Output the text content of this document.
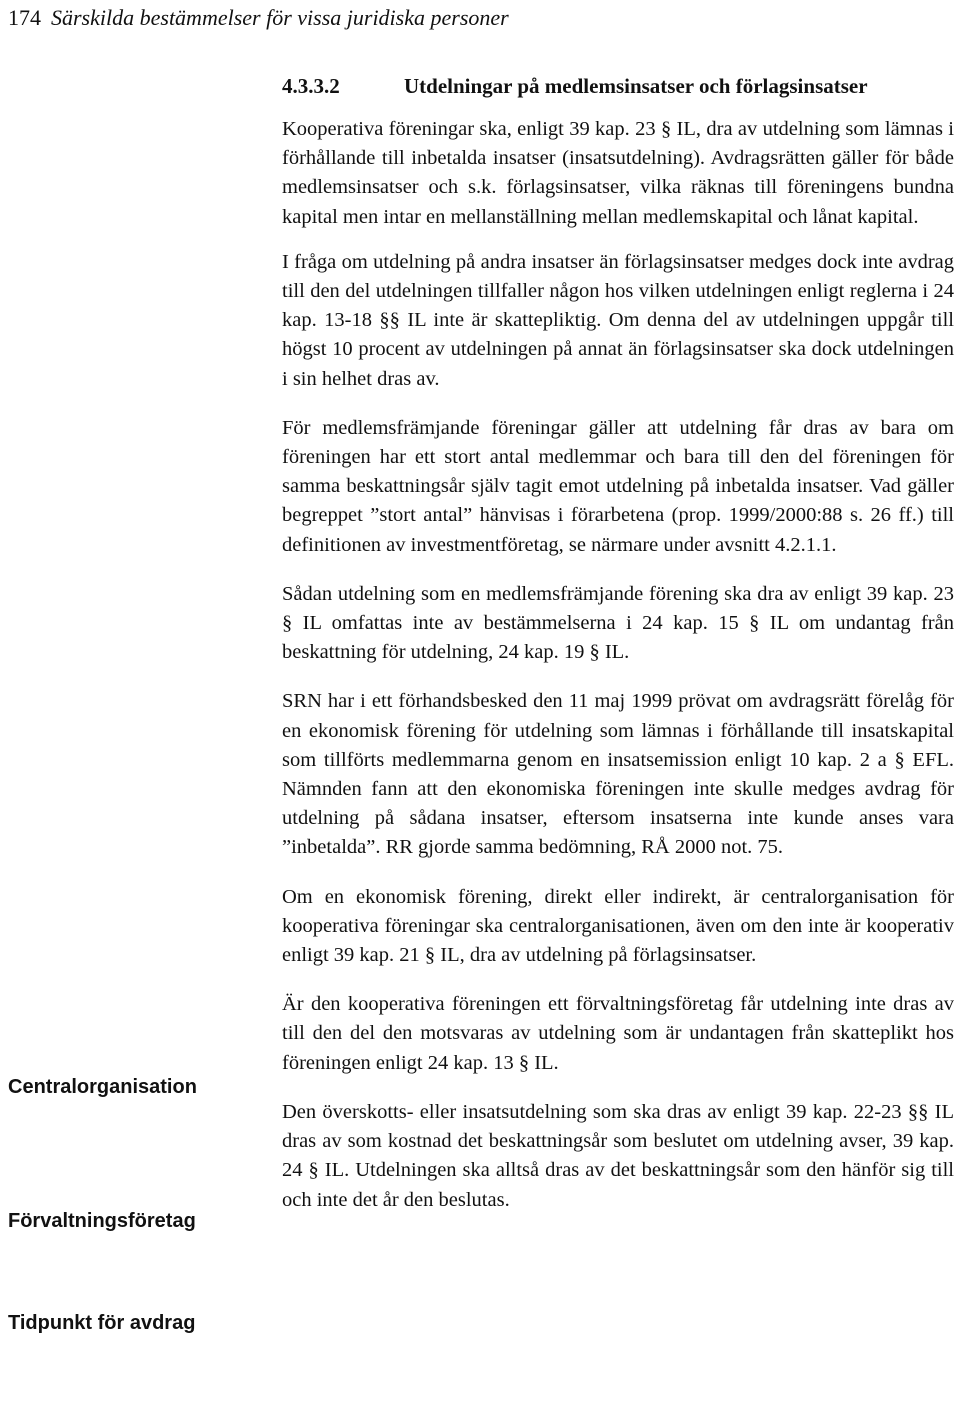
174 Särskilda bestämmelser för vissa juridiska personer
4.3.3.2	Utdelningar på medlemsinsatser och förlagsinsatser

Kooperativa föreningar ska, enligt 39 kap. 23 § IL, dra av utdelning som lämnas i förhållande till inbetalda insatser (insatsutdelning). Avdragsrätten gäller för både medlemsinsatser och s.k. förlagsinsatser, vilka räknas till föreningens bundna kapital men intar en mellanställning mellan medlemskapital och lånat kapital.

I fråga om utdelning på andra insatser än förlagsinsatser medges dock inte avdrag till den del utdelningen tillfaller någon hos vilken utdelningen enligt reglerna i 24 kap. 13-18 §§ IL inte är skattepliktig. Om denna del av utdelningen uppgår till högst 10 procent av utdelningen på annat än förlagsinsatser ska dock utdelningen i sin helhet dras av.

För medlemsfrämjande föreningar gäller att utdelning får dras av bara om föreningen har ett stort antal medlemmar och bara till den del föreningen för samma beskattningsår själv tagit emot utdelning på inbetalda insatser. Vad gäller begreppet ”stort antal” hänvisas i förarbetena (prop. 1999/2000:88 s. 26 ff.) till definitionen av investmentföretag, se närmare under avsnitt 4.2.1.1.

Sådan utdelning som en medlemsfrämjande förening ska dra av enligt 39 kap. 23 § IL omfattas inte av bestämmelserna i 24 kap. 15 § IL om undantag från beskattning för utdelning, 24 kap. 19 § IL.

SRN har i ett förhandsbesked den 11 maj 1999 prövat om avdragsrätt förelåg för en ekonomisk förening för utdelning som lämnas i förhållande till insatskapital som tillförts medlemmarna genom en insatsemission enligt 10 kap. 2 a § EFL. Nämnden fann att den ekonomiska föreningen inte skulle medges avdrag för utdelning på sådana insatser, eftersom insatserna inte kunde anses vara ”inbetalda”. RR gjorde samma bedömning, RÅ 2000 not. 75.

Om en ekonomisk förening, direkt eller indirekt, är centralorganisation för kooperativa föreningar ska centralorganisationen, även om den inte är kooperativ enligt 39 kap. 21 § IL, dra av utdelning på förlagsinsatser.

Är den kooperativa föreningen ett förvaltningsföretag får utdelning inte dras av till den del den motsvaras av utdelning som är undantagen från skatteplikt hos föreningen enligt 24 kap. 13 § IL.

Den överskotts- eller insatsutdelning som ska dras av enligt 39 kap. 22-23 §§ IL dras av som kostnad det beskattningsår som beslutet om utdelning avser, 39 kap. 24 § IL. Utdelningen ska alltså dras av det beskattningsår som den hänför sig till och inte det år den beslutas.

Centralorganisation
Förvaltningsföretag
Tidpunkt för avdrag
